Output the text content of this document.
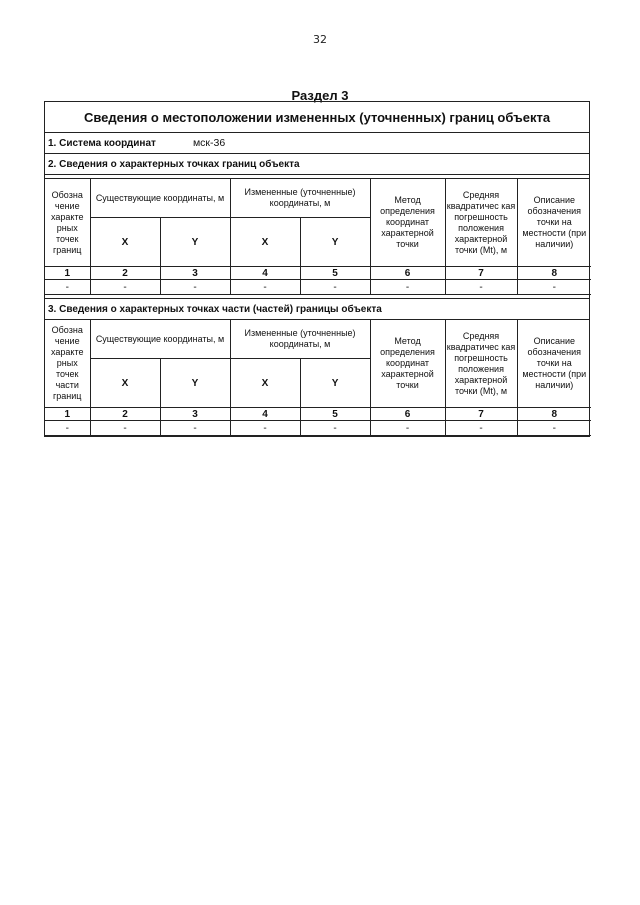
32
Раздел 3
Сведения о местоположении измененных (уточненных) границ объекта
1. Система координат	мск-36
2. Сведения о характерных точках границ объекта
Обозна чение характе рных точек границ	Существующие координаты, м		Измененные (уточненные) координаты, м		Метод определения координат характерной точки	Средняя квадратичес кая погрешность положения характерной точки (Mt), м	Описание обозначения точки на местности (при наличии)
	X	Y	X	Y			
1	2	3	4	5	6	7	8
-	-	-	-	-	-	-	-
3. Сведения о характерных точках части (частей) границы объекта
Обозна чение характе рных точек части границ	Существующие координаты, м		Измененные (уточненные) координаты, м		Метод определения координат характерной точки	Средняя квадратичес кая погрешность положения характерной точки (Mt), м	Описание обозначения точки на местности (при наличии)
	X	Y	X	Y			
1	2	3	4	5	6	7	8
-	-	-	-	-	-	-	-
